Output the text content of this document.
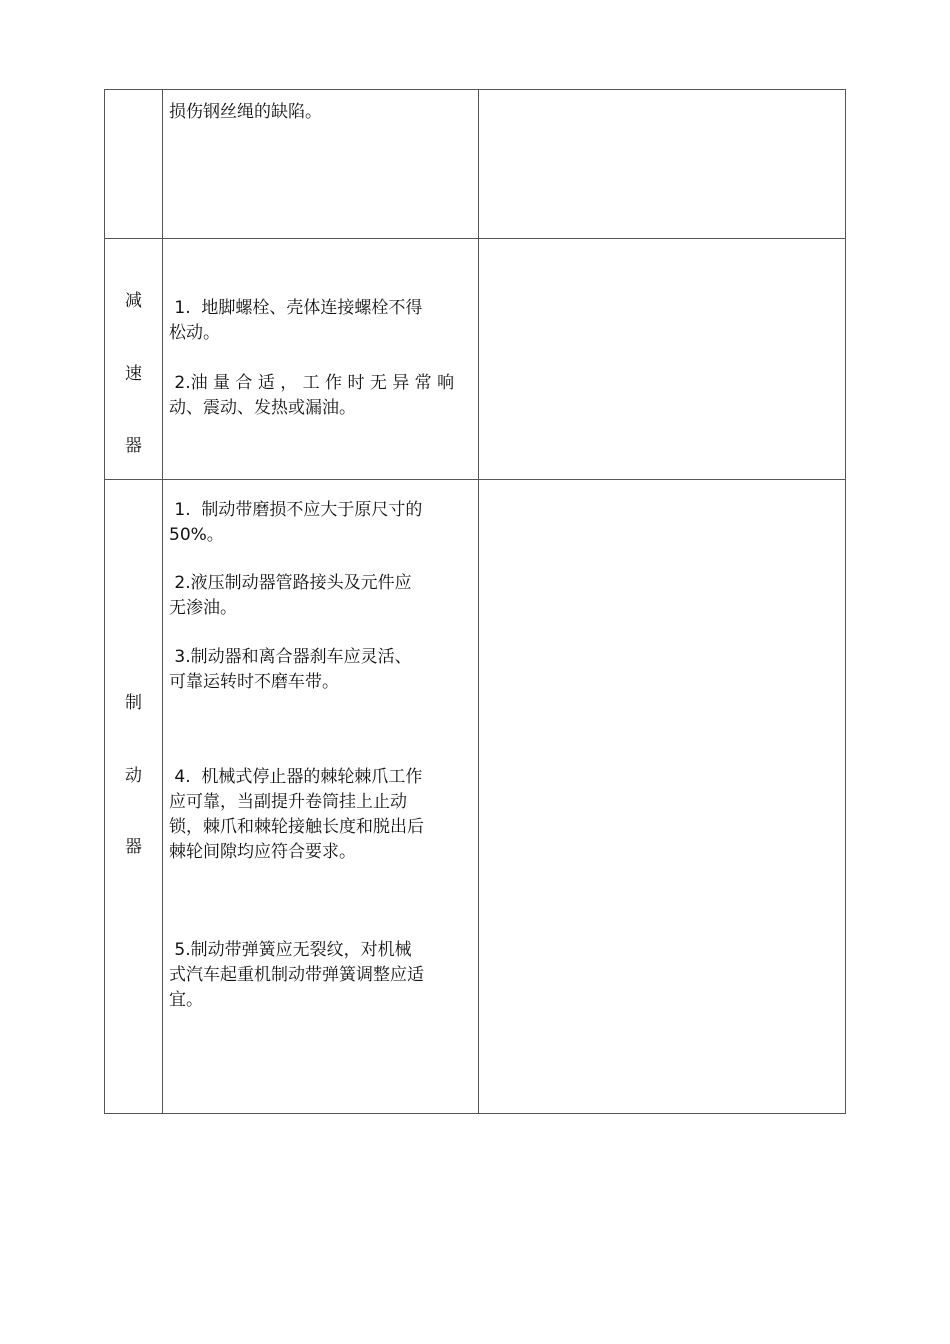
损伤钢丝绳的缺陷。
减
速
器
1.  地脚螺栓、壳体连接螺栓不得
松动。
2.油 量 合 适 ， 工 作 时 无 异 常 响
动、震动、发热或漏油。
制
动
器
1.  制动带磨损不应大于原尺寸的
50%。
2.液压制动器管路接头及元件应
无渗油。
3.制动器和离合器刹车应灵活、
可靠运转时不磨车带。
4.  机械式停止器的棘轮棘爪工作
应可靠，当副提升卷筒挂上止动
锁，棘爪和棘轮接触长度和脱出后
棘轮间隙均应符合要求。
5.制动带弹簧应无裂纹，对机械
式汽车起重机制动带弹簧调整应适
宜。
